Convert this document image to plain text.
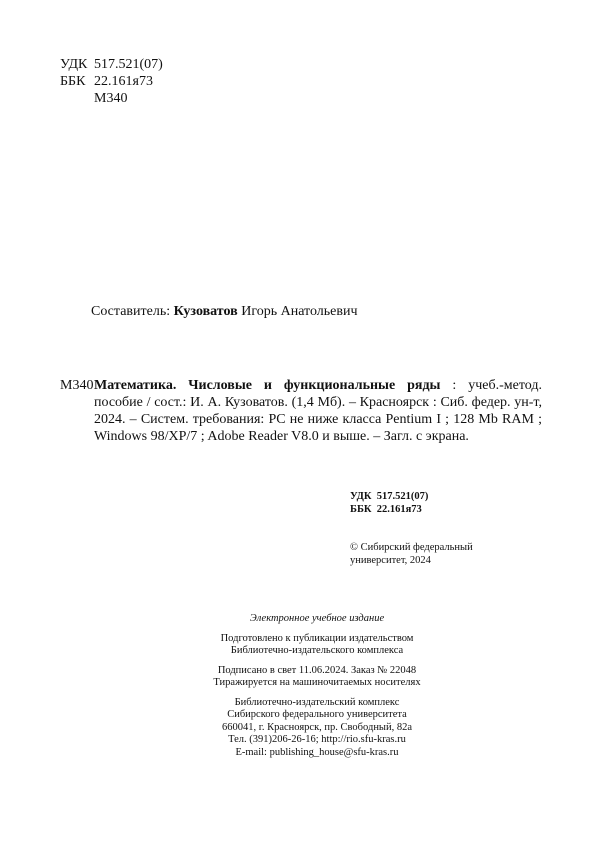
УДК 517.521(07)
ББК 22.161я73
М340
Составитель: Кузоватов Игорь Анатольевич
М340 Математика. Числовые и функциональные ряды : учеб.-метод. пособие / сост.: И. А. Кузоватов. (1,4 Мб). – Красноярск : Сиб. федер. ун-т, 2024. – Систем. требования: PC не ниже класса Pentium I ; 128 Mb RAM ; Windows 98/XP/7 ; Adobe Reader V8.0 и выше. – Загл. с экрана.
УДК  517.521(07)
ББК  22.161я73
© Сибирский федеральный
университет, 2024
Электронное учебное издание
Подготовлено к публикации издательством
Библиотечно-издательского комплекса
Подписано в свет 11.06.2024. Заказ № 22048
Тиражируется на машиночитаемых носителях
Библиотечно-издательский комплекс
Сибирского федерального университета
660041, г. Красноярск, пр. Свободный, 82а
Тел. (391)206-26-16; http://rio.sfu-kras.ru
E-mail: publishing_house@sfu-kras.ru
